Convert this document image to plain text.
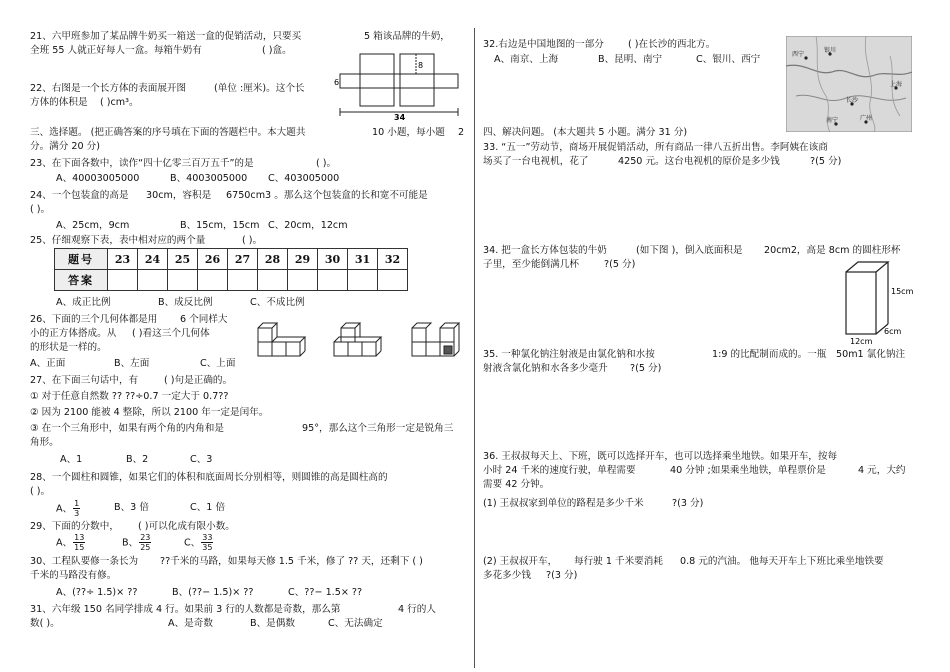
21、六甲班参加了某品牌牛奶买一箱送一盒的促销活动，只要买	5 箱该品牌的牛奶，
全班 55 人就正好每人一盒。每箱牛奶有	( )盒。
6
8
34
22、右图是一个长方体的表面展开图	(单位 :厘米)。这个长
方体的体积是 ( )cm³。
三、选择题。 (把正确答案的序号填在下面的答题栏中。本大题共	10 小题，每小题 2
分。满分 20 分)
23、在下面各数中，读作“四十亿零三百万五千”的是	( )。
A、40003005000	B、4003005000 C、403005000
24、一个包装盒的高是 30cm，容积是 6750cm3 。那么这个包装盒的长和宽不可能是
( )。
A、25cm，9cm	B、15cm，15cm C、20cm，12cm
25、仔细观察下表，表中相对应的两个量	( )。
题号	23	24	25	26	27	28	29	30	31	32
答案										
A、成正比例	B、成反比例	C、不成比例
26、下面的三个几何体都是用 6 个同样大
小的正方体搭成。从 ( )看这三个几何体
的形状是一样的。
A、正面	B、左面	C、上面
27、在下面三句话中，有	( )句是正确的。
① 对于任意自然数 ?? ??÷0.7 一定大于 0.7??
② 因为 2100 能被 4 整除，所以 2100 年一定是闰年。
③ 在一个三角形中，如果有两个角的内角和是	95°，那么这个三角形一定是锐角三
角形。
A、1	B、2	C、3
28、一个圆柱和圆锥，如果它们的体积和底面周长分别相等，则圆锥的高是圆柱高的
( )。
A、 $\frac{1}{3}$	B、3 倍	C、1 倍
29、下面的分数中， ( )可以化成有限小数。
A、 $\frac{13}{15}$	B、 $\frac{23}{25}$	C、 $\frac{33}{35}$
30、工程队要修一条长为 ??千米的马路，如果每天修 1.5 千米，修了 ?? 天，还剩下 ( )
千米的马路没有修。
A、(??÷ 1.5)× ??	B、(??− 1.5)× ??	C、??− 1.5× ??
31、六年级 150 名同学排成 4 行。如果前 3 行的人数都是奇数，那么第	4 行的人
数( )。	A、是奇数	B、是偶数	C、无法确定
32.右边是中国地图的一部分	( )在长沙的西北方。
A、南京、上海	B、昆明、南宁	C、银川、西宁	西宁
长沙
南宁	广州
上海
银川
四、解决问题。 (本大题共 5 小题。满分 31 分)
33. “五一”劳动节，商场开展促销活动，所有商品一律八五折出售。李阿姨在该商
场买了一台电视机，花了	4250 元。这台电视机的原价是多少钱	?(5 分)
34. 把一盒长方体包装的牛奶	(如下图 )，倒入底面积是 20cm2，高是 8cm 的圆柱形杯
子里，至少能倒满几杯	?(5 分)
15cm
6cm
12cm
35. 一种氯化钠注射液是由氯化钠和水按	1:9 的比配制而成的。一瓶 50m1 氯化钠注
射液含氯化钠和水各多少毫升 ?(5 分)
36. 王叔叔每天上、下班，既可以选择开车，也可以选择乘坐地铁。如果开车，按每
小时 24 千米的速度行驶，单程需要	40 分钟 ;如果乘坐地铁，单程票价是	4 元，大约
需要 42 分钟。
(1) 王叔叔家到单位的路程是多少千米	?(3 分)
(2) 王叔叔开车， 每行驶 1 千米要消耗 0.8 元的汽油。 他每天开车上下班比乘坐地铁要
多花多少钱 ?(3 分)
